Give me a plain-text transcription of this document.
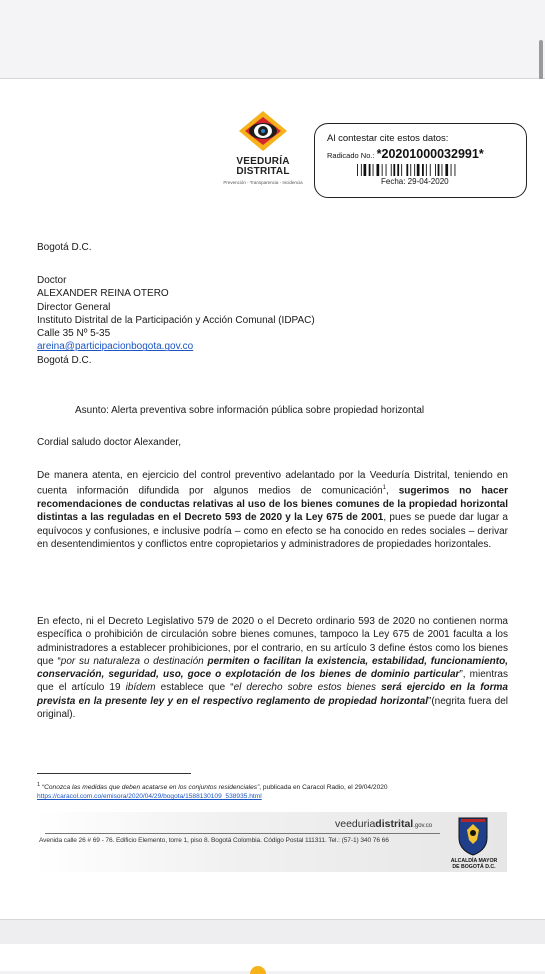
VEEDURÍA
DISTRITAL
Prevención - Transparencia - Incidencia
Al contestar cite estos datos:
Radicado No.: *20201000032991*
Fecha: 29-04-2020
Bogotá D.C.
Doctor
ALEXANDER REINA OTERO
Director General
Instituto Distrital de la Participación y Acción Comunal (IDPAC)
Calle 35 Nº 5-35
areina@participacionbogota.gov.co
Bogotá D.C.
Asunto: Alerta preventiva sobre información pública sobre propiedad horizontal
Cordial saludo doctor Alexander,
De manera atenta, en ejercicio del control preventivo adelantado por la Veeduría Distrital, teniendo en cuenta información difundida por algunos medios de comunicación$^1$, sugerimos no hacer recomendaciones de conductas relativas al uso de los bienes comunes de la propiedad horizontal distintas a las reguladas en el Decreto 593 de 2020 y la Ley 675 de 2001, pues se puede dar lugar a equívocos y confusiones, e inclusive podría – como en efecto se ha conocido en redes sociales – derivar en desentendimientos y conflictos entre copropietarios y administradores de propiedades horizontales.
En efecto, ni el Decreto Legislativo 579 de 2020 o el Decreto ordinario 593 de 2020 no contienen norma específica o prohibición de circulación sobre bienes comunes, tampoco la Ley 675 de 2001 faculta a los administradores a establecer prohibiciones, por el contrario, en su artículo 3 define éstos como los bienes que “por su naturaleza o destinación permiten o facilitan la existencia, estabilidad, funcionamiento, conservación, seguridad, uso, goce o explotación de los bienes de dominio particular”, mientras que el artículo 19 ibídem establece que “el derecho sobre estos bienes será ejercido en la forma prevista en la presente ley y en el respectivo reglamento de propiedad horizontal”(negrita fuera del original).
$^1$ “Conozca las medidas que deben acatarse en los conjuntos residenciales”, publicada en Caracol Radio, el 29/04/2020
https://caracol.com.co/emisora/2020/04/29/bogota/1588130109_538935.html
veeduriadistrital.gov.co
Avenida calle 26 # 69 - 76. Edificio Elemento, torre 1, piso 8. Bogotá Colombia. Código Postal 111311. Tel.: (57-1) 340 76 66
ALCALDÍA MAYOR
DE BOGOTÁ D.C.
